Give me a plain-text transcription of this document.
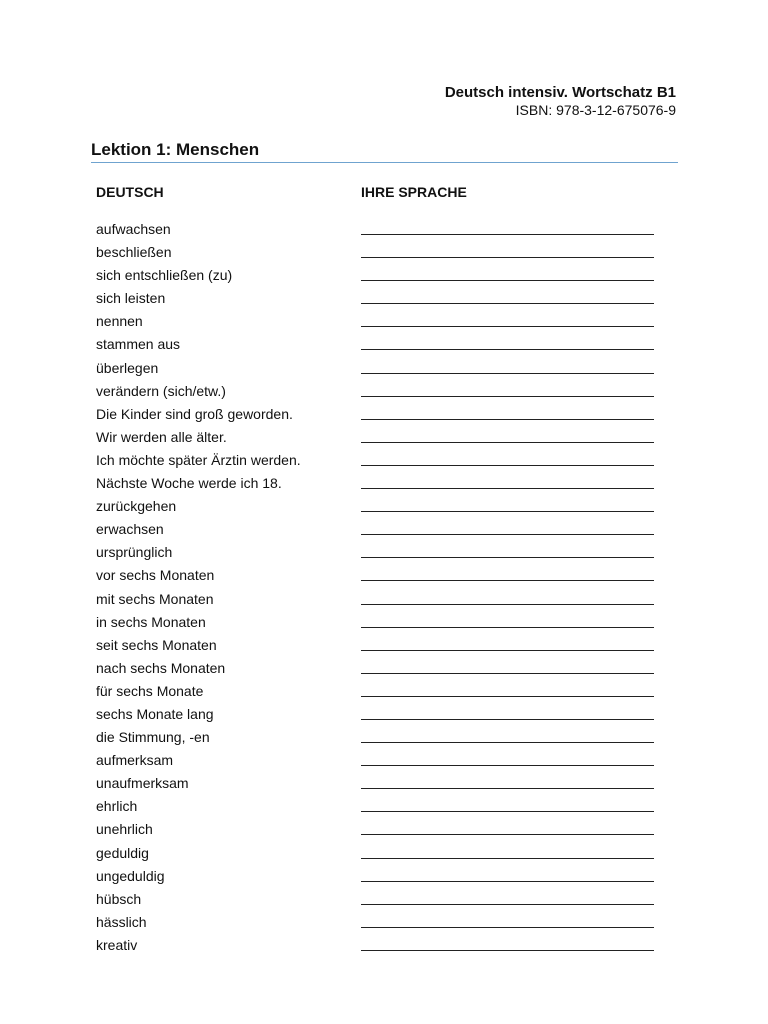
Deutsch intensiv. Wortschatz B1
ISBN: 978-3-12-675076-9
Lektion 1: Menschen
DEUTSCH	IHRE SPRACHE
aufwachsen
beschließen
sich entschließen (zu)
sich leisten
nennen
stammen aus
überlegen
verändern (sich/etw.)
Die Kinder sind groß geworden.
Wir werden alle älter.
Ich möchte später Ärztin werden.
Nächste Woche werde ich 18.
zurückgehen
erwachsen
ursprünglich
vor sechs Monaten
mit sechs Monaten
in sechs Monaten
seit sechs Monaten
nach sechs Monaten
für sechs Monate
sechs Monate lang
die Stimmung, -en
aufmerksam
unaufmerksam
ehrlich
unehrlich
geduldig
ungeduldig
hübsch
hässlich
kreativ
